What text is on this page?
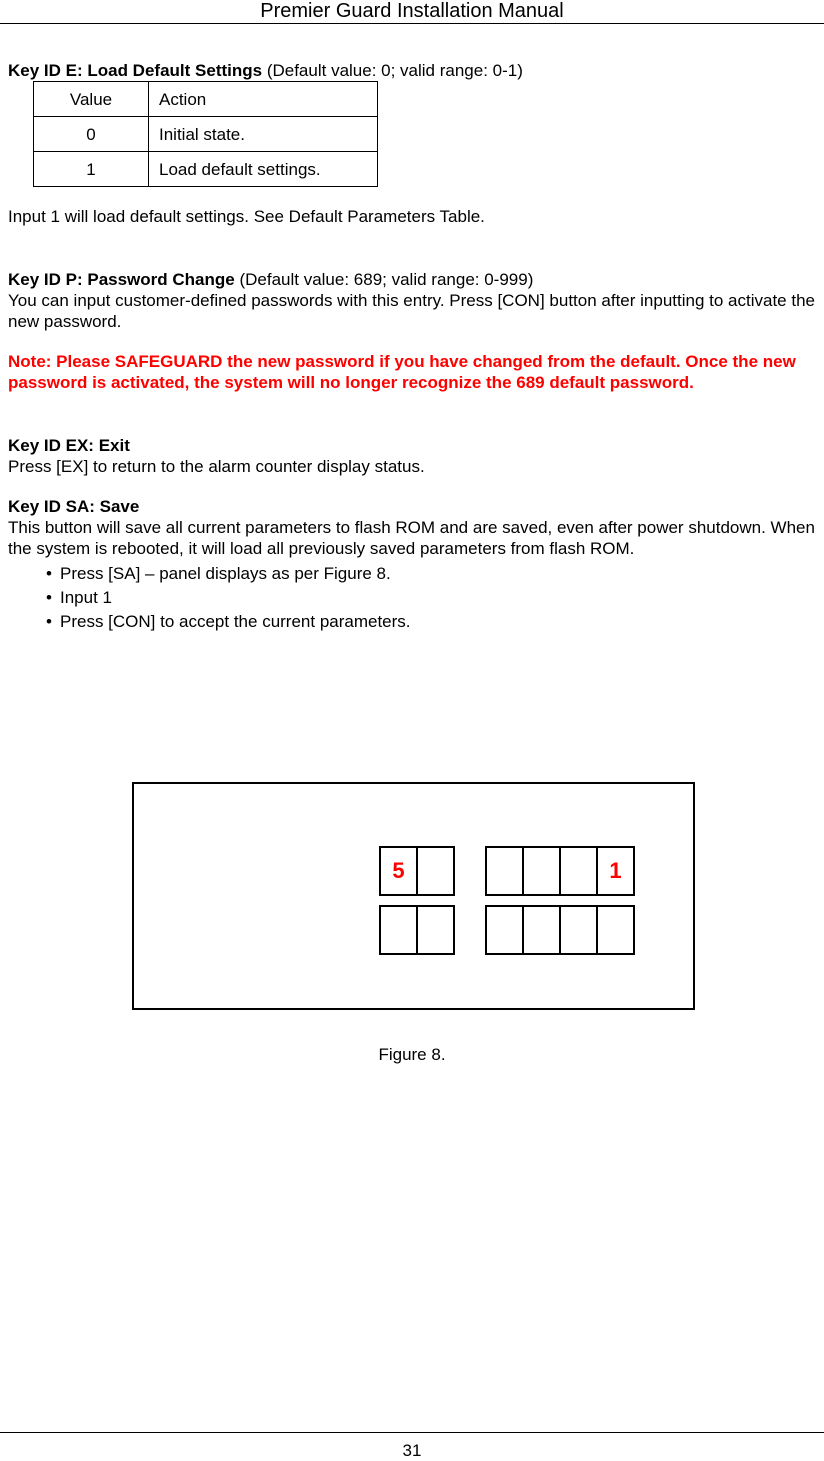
Premier Guard Installation Manual

Key ID E: Load Default Settings (Default value: 0; valid range: 0-1)

Value	Action
0	Initial state.
1	Load default settings.

Input 1 will load default settings. See Default Parameters Table.

Key ID P: Password Change (Default value: 689; valid range: 0-999)

You can input customer-defined passwords with this entry. Press [CON] button after inputting to activate the new password.

Note: Please SAFEGUARD the new password if you have changed from the default. Once the new password is activated, the system will no longer recognize the 689 default password.

Key ID EX: Exit

Press [EX] to return to the alarm counter display status.

Key ID SA: Save

This button will save all current parameters to flash ROM and are saved, even after power shutdown. When the system is rebooted, it will load all previously saved parameters from flash ROM.

• Press [SA] – panel displays as per Figure 8.
• Input 1
• Press [CON] to accept the current parameters.
5	1
Figure 8.
31
